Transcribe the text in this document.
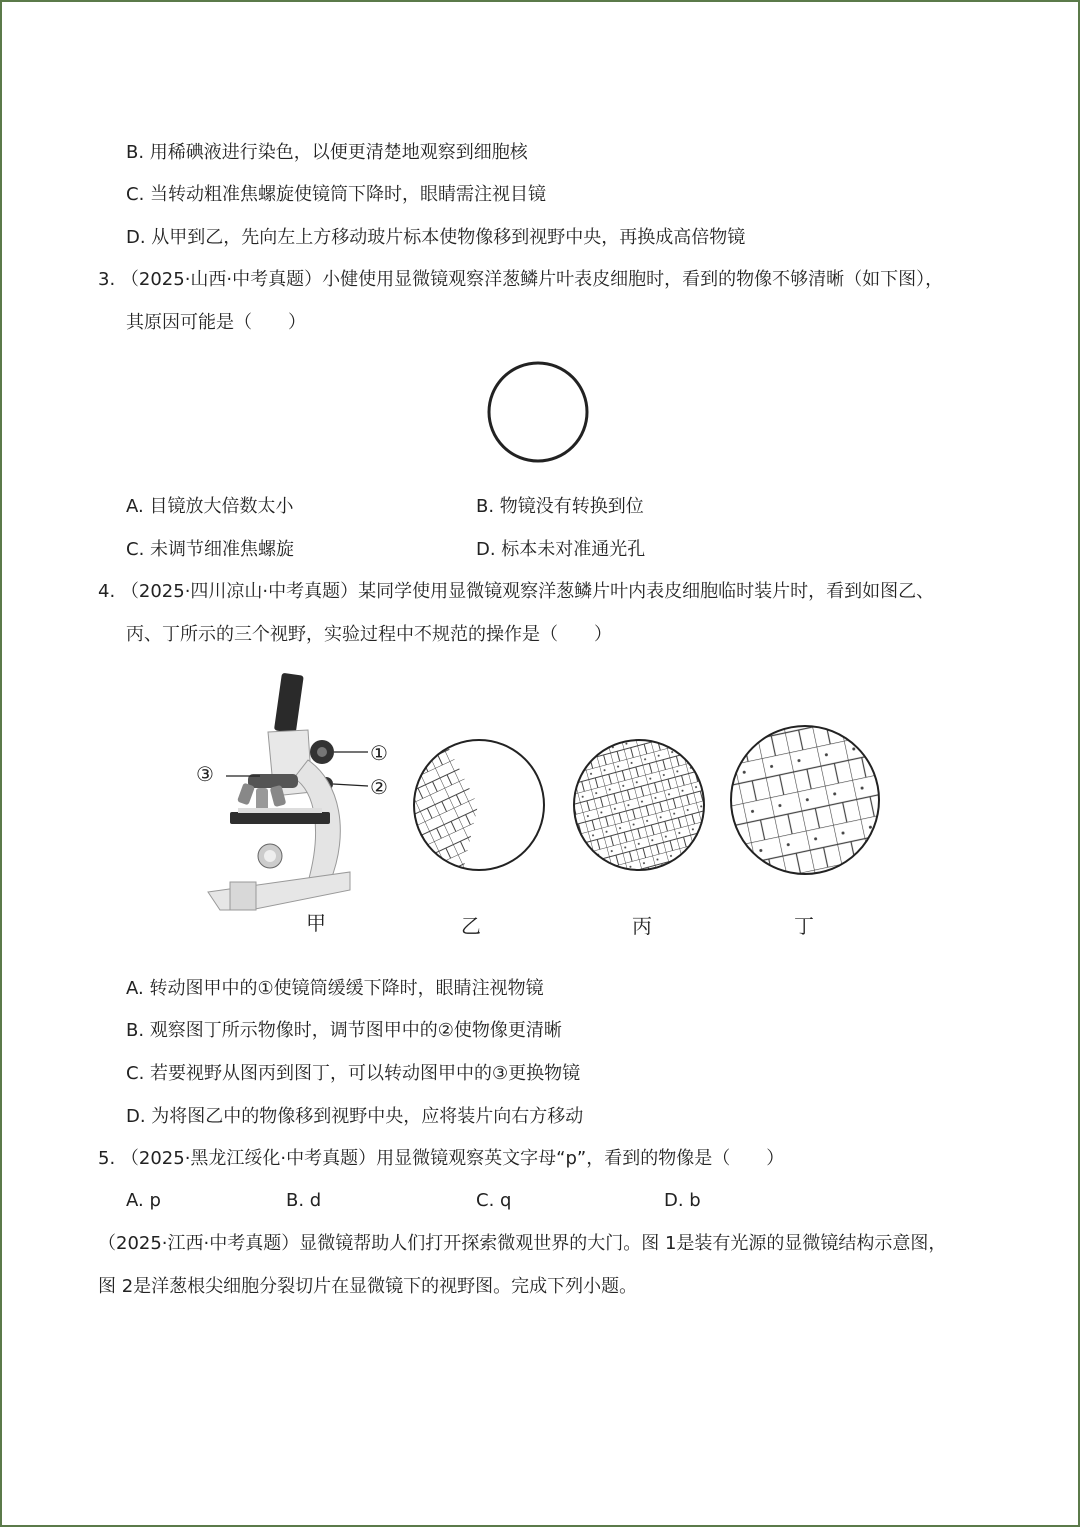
B. 用稀碘液进行染色，以便更清楚地观察到细胞核
C. 当转动粗准焦螺旋使镜筒下降时，眼睛需注视目镜
D. 从甲到乙，先向左上方移动玻片标本使物像移到视野中央，再换成高倍物镜
3. （2025·山西·中考真题）小健使用显微镜观察洋葱鳞片叶表皮细胞时，看到的物像不够清晰（如下图），
其原因可能是（　　）
A. 目镜放大倍数太小	B. 物镜没有转换到位
C. 未调节细准焦螺旋	D. 标本未对准通光孔
4. （2025·四川凉山·中考真题）某同学使用显微镜观察洋葱鳞片叶内表皮细胞临时装片时，看到如图乙、
丙、丁所示的三个视野，实验过程中不规范的操作是（　　）
①
②
③
甲	乙	丙	丁
A. 转动图甲中的①使镜筒缓缓下降时，眼睛注视物镜
B. 观察图丁所示物像时，调节图甲中的②使物像更清晰
C. 若要视野从图丙到图丁，可以转动图甲中的③更换物镜
D. 为将图乙中的物像移到视野中央，应将装片向右方移动
5. （2025·黑龙江绥化·中考真题）用显微镜观察英文字母“p”，看到的物像是（　　）
A. p	B. d	C. q	D. b
（2025·江西·中考真题）显微镜帮助人们打开探索微观世界的大门。图 1是装有光源的显微镜结构示意图，
图 2是洋葱根尖细胞分裂切片在显微镜下的视野图。完成下列小题。
